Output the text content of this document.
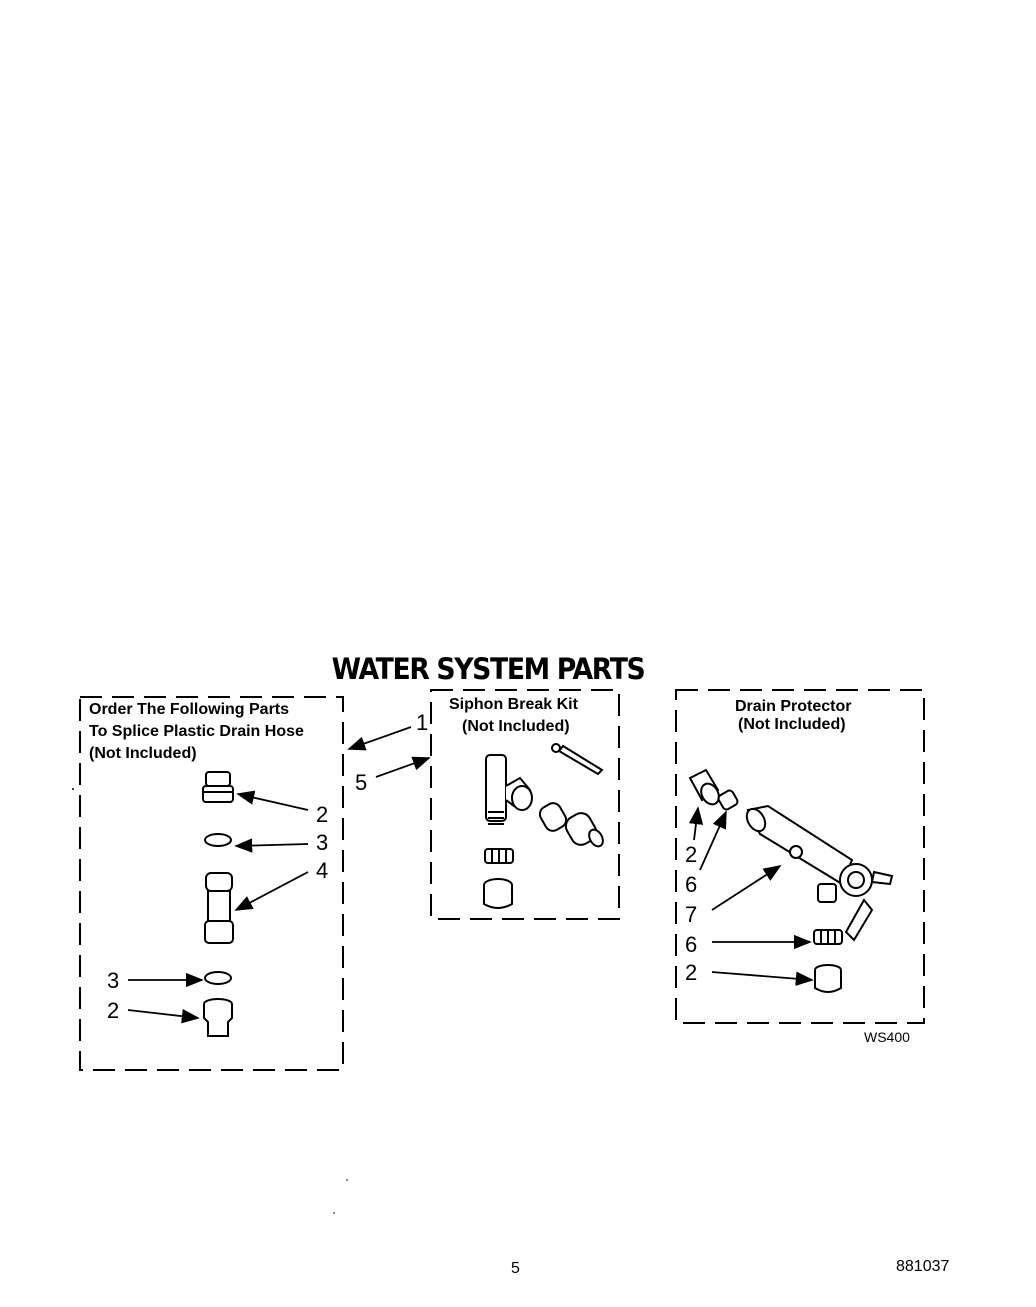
WATER SYSTEM PARTS
Order The Following Parts
To Splice Plastic Drain Hose
(Not Included)
2
3
4
3
2
1
5
Siphon Break Kit
(Not Included)
Drain Protector
(Not Included)
2
6
7
6
2
WS400
5	881037
